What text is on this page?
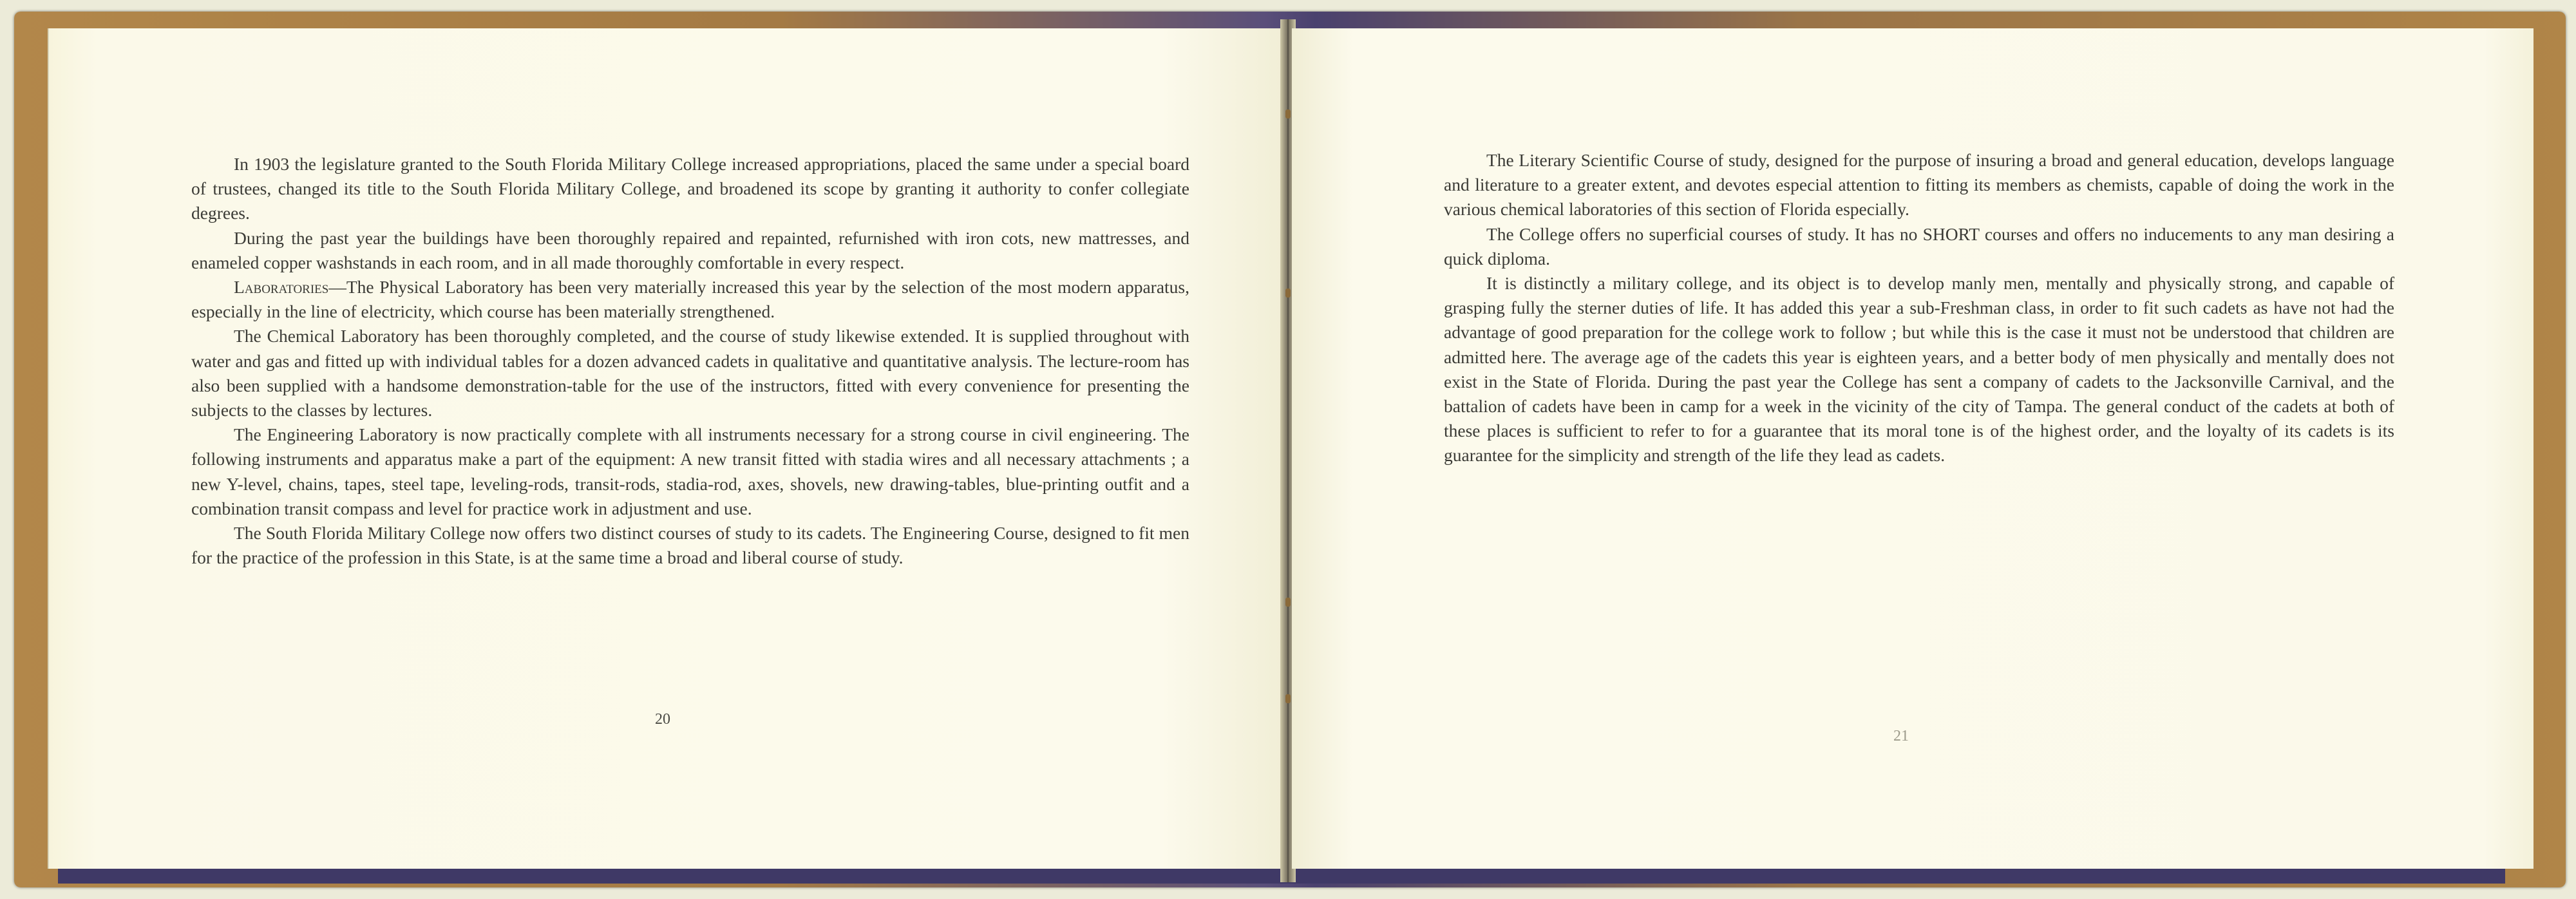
In 1903 the legislature granted to the South Florida Military College increased appropriations, placed the same under a special board of trustees, changed its title to the South Florida Military College, and broadened its scope by granting it authority to confer collegiate degrees.

During the past year the buildings have been thoroughly repaired and repainted, refurnished with iron cots, new mattresses, and enameled copper washstands in each room, and in all made thoroughly comfortable in every respect.

Laboratories—The Physical Laboratory has been very materially increased this year by the selection of the most modern apparatus, especially in the line of electricity, which course has been materially strengthened.

The Chemical Laboratory has been thoroughly completed, and the course of study likewise extended. It is supplied throughout with water and gas and fitted up with individual tables for a dozen advanced cadets in qualitative and quantitative analysis. The lecture-room has also been supplied with a handsome demonstration-table for the use of the instructors, fitted with every convenience for presenting the subjects to the classes by lectures.

The Engineering Laboratory is now practically complete with all instruments necessary for a strong course in civil engineering. The following instruments and apparatus make a part of the equipment: A new transit fitted with stadia wires and all necessary attachments ; a new Y-level, chains, tapes, steel tape, leveling-rods, transit-rods, stadia-rod, axes, shovels, new drawing-tables, blue-printing outfit and a combination transit compass and level for practice work in adjustment and use.

The South Florida Military College now offers two distinct courses of study to its cadets. The Engineering Course, designed to fit men for the practice of the profession in this State, is at the same time a broad and liberal course of study.

20

The Literary Scientific Course of study, designed for the purpose of insuring a broad and general education, develops language and literature to a greater extent, and devotes especial attention to fitting its members as chemists, capable of doing the work in the various chemical laboratories of this section of Florida especially.

The College offers no superficial courses of study. It has no SHORT courses and offers no inducements to any man desiring a quick diploma.

It is distinctly a military college, and its object is to develop manly men, mentally and physically strong, and capable of grasping fully the sterner duties of life. It has added this year a sub-Freshman class, in order to fit such cadets as have not had the advantage of good preparation for the college work to follow ; but while this is the case it must not be understood that children are admitted here. The average age of the cadets this year is eighteen years, and a better body of men physically and mentally does not exist in the State of Florida. During the past year the College has sent a company of cadets to the Jacksonville Carnival, and the battalion of cadets have been in camp for a week in the vicinity of the city of Tampa. The general conduct of the cadets at both of these places is sufficient to refer to for a guarantee that its moral tone is of the highest order, and the loyalty of its cadets is its guarantee for the simplicity and strength of the life they lead as cadets.

21
